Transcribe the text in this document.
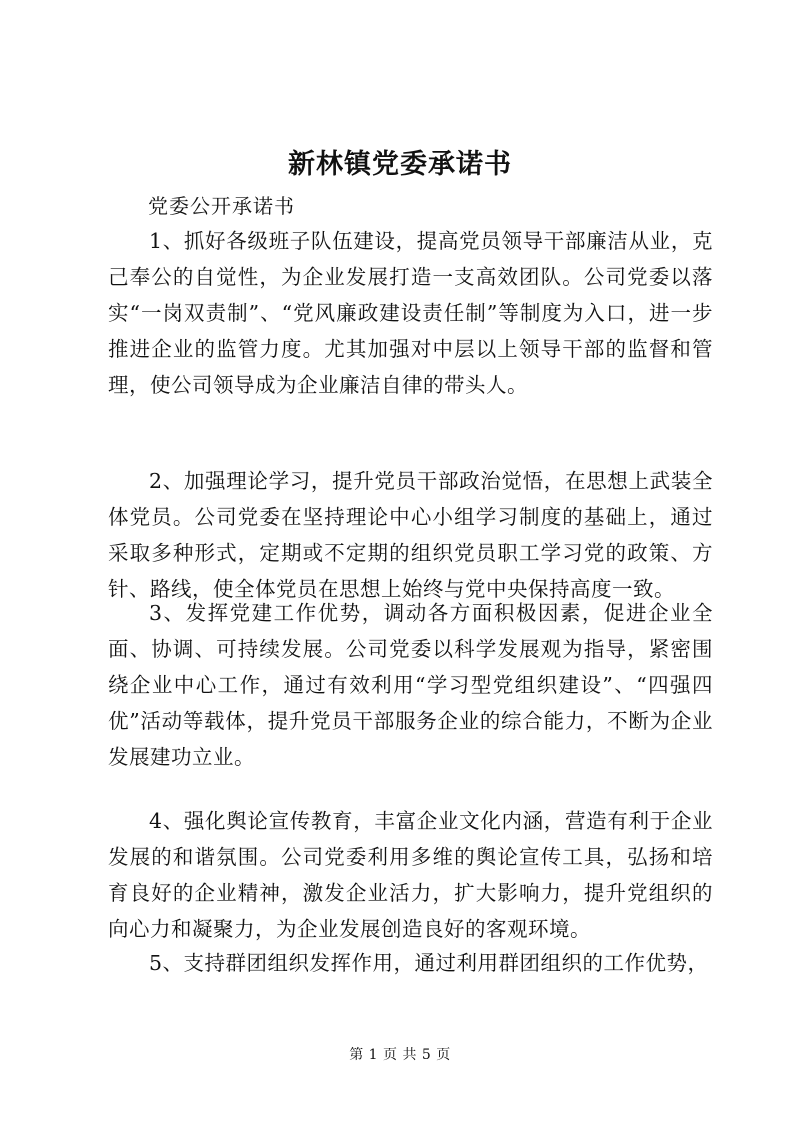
新林镇党委承诺书
党委公开承诺书
1、抓好各级班子队伍建设，提高党员领导干部廉洁从业，克己奉公的自觉性，为企业发展打造一支高效团队。公司党委以落实“一岗双责制”、“党风廉政建设责任制”等制度为入口，进一步推进企业的监管力度。尤其加强对中层以上领导干部的监督和管理，使公司领导成为企业廉洁自律的带头人。
2、加强理论学习，提升党员干部政治觉悟，在思想上武装全体党员。公司党委在坚持理论中心小组学习制度的基础上，通过采取多种形式，定期或不定期的组织党员职工学习党的政策、方针、路线，使全体党员在思想上始终与党中央保持高度一致。
3、发挥党建工作优势，调动各方面积极因素，促进企业全面、协调、可持续发展。公司党委以科学发展观为指导，紧密围绕企业中心工作，通过有效利用“学习型党组织建设”、“四强四优”活动等载体，提升党员干部服务企业的综合能力，不断为企业发展建功立业。
4、强化舆论宣传教育，丰富企业文化内涵，营造有利于企业发展的和谐氛围。公司党委利用多维的舆论宣传工具，弘扬和培育良好的企业精神，激发企业活力，扩大影响力，提升党组织的向心力和凝聚力，为企业发展创造良好的客观环境。
5、支持群团组织发挥作用，通过利用群团组织的工作优势，
第 1 页 共 5 页
